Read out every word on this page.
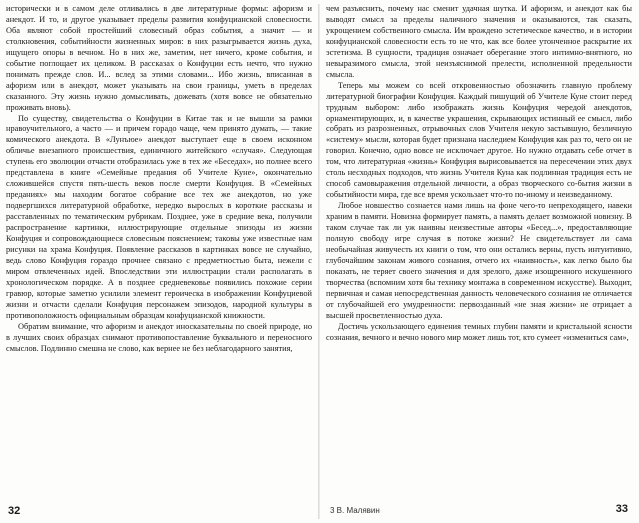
исторически и в самом деле отливались в две литературные формы: афоризм и анекдот. И то, и другое указывает пределы развития конфуцианской словесности. Оба являют собой простейший словесный образ события, а значит — и столкновения, событийности жизненных миров: в них разыгрывается жизнь духа, ищущего опоры в вечном. Но в них же, заметим, нет ничего, кроме события, и событие поглощает их целиком. В рассказах о Конфуции есть нечто, что нужно понимать прежде слов. И... вслед за этими словами... Ибо жизнь, вписанная в афоризм или в анекдот, может указывать на свои границы, уметь в пределах сказанного. Эту жизнь нужно домысливать, дожевать (хотя вовсе не обязательно проживать вновь).

По существу, свидетельства о Конфуции в Китае так и не вышли за рамки нравоучительного, а часто — и причем горадо чаще, чем принято думать, — такие комического анекдота. В «Лунъюе» анекдот выступает еще в своем исконном обличье внезапного происшествия, единичного житейского «случая». Следующая ступень его эволюции отчасти отобразилась уже в тех же «Беседах», но полнее всего представлена в книге «Семейные предания об Учителе Куне», окончательно сложившейся спустя пять-шесть веков после смерти Конфуция. В «Семейных преданиях» мы находим богатое собрание все тех же анекдотов, но уже подвергшихся литературной обработке, нередко вырослых в короткие рассказы и расставленных по тематическим рубрикам. Позднее, уже в средние века, получили распространение картинки, иллюстрирующие отдельные эпизоды из жизни Конфуция и сопровождающиеся словесным пояснением; таковы уже известные нам рисунки на храма Конфуция. Появление рассказов в картинках вовсе не случайно, ведь слово Конфуция гораздо прочнее связано с предметностью быта, нежели с миром отвлеченных идей. Впоследствии эти иллюстрации стали располагать в хронологическом порядке. А в позднее средневековье появились похожие серии гравюр, которые заметно усилили элемент героическа в изображении Конфуциевой жизни и отчасти сделали Конфуция персонажем эпизодов, народной культуры в противоположность официальным образцам конфуцианской книжности.

Обратим внимание, что афоризм и анекдот иносказательны по своей природе, но в лучших своих образцах снимают противопоставление буквального и переносного смыслов. Подлинно смешна не слово, как вернее не без неблагодарного занятия,

32

чем разъяснить, почему нас сменит удачная шутка. И афоризм, и анекдот как бы выводят смысл за пределы наличного значения и оказываются, так сказать, укрощением собственного смысла. Им врождено эстетическое качество, и в истории конфуцианской словесности есть то не что, как все более утонченное раскрытие их эстетизма. В сущности, традиция означает оберегание этого интимно-внятного, но невыразимого смысла, этой неизъяснимой прелести, исполненной предельности смысла.

Теперь мы можем со всей откровенностью обозначить главную проблему литературной биографии Конфуция. Каждый пишущий об Учителе Куне стоит перед трудным выбором: либо изображать жизнь Конфуция чередой анекдотов, орнаментирующих, и, в качестве украшения, скрывающих истинный ее смысл, либо собрать из разрозненных, отрывочных слов Учителя некую застывшую, безличную «систему» мысли, которая будет признана наследием Конфуция как раз то, чего он не говорил. Конечно, одно вовсе не исключает другое. Но нужно отдавать себе отчет в том, что литературная «жизнь» Конфуция вырисовывается на пересечении этих двух столь несходных подходов, что жизнь Учителя Куна как подлинная традиция есть не способ самовыражения отдельной личности, а образ творческого со-бытия жизни в событийности мира, где все время ускользает что-то по-иному и неизведанному.

Любое новшество сознается нами лишь на фоне чего-то непреходящего, навеки храним в памяти. Новизна формирует память, а память делает возможной новизну. В таком случае так ли уж наивны неизвестные авторы «Бесед...», предоставляющие полную свободу игре случая в потоке жизни? Не свидетельствует ли сама необычайная живучесть их книги о том, что они остались верны, пусть интуитивно, глубочайшим законам живого сознания, отчего их «наивность», как легко было бы показать, не теряет своего значения и для зрелого, даже изощренного искушенного творчества (вспомним хотя бы технику монтажа в современном искусстве). Выходит, первичная и самая непосредственная данность человеческого сознания не отличается от глубочайшей его умудренности: первозданный «не зная жизни» не отрицает а высшей просветленностью духа.

Достичь ускользающего единения темных глубин памяти и кристальной ясности сознания, вечного и вечно нового мир может лишь тот, кто сумеет «измениться сам»,

3 В. Малявин	33
